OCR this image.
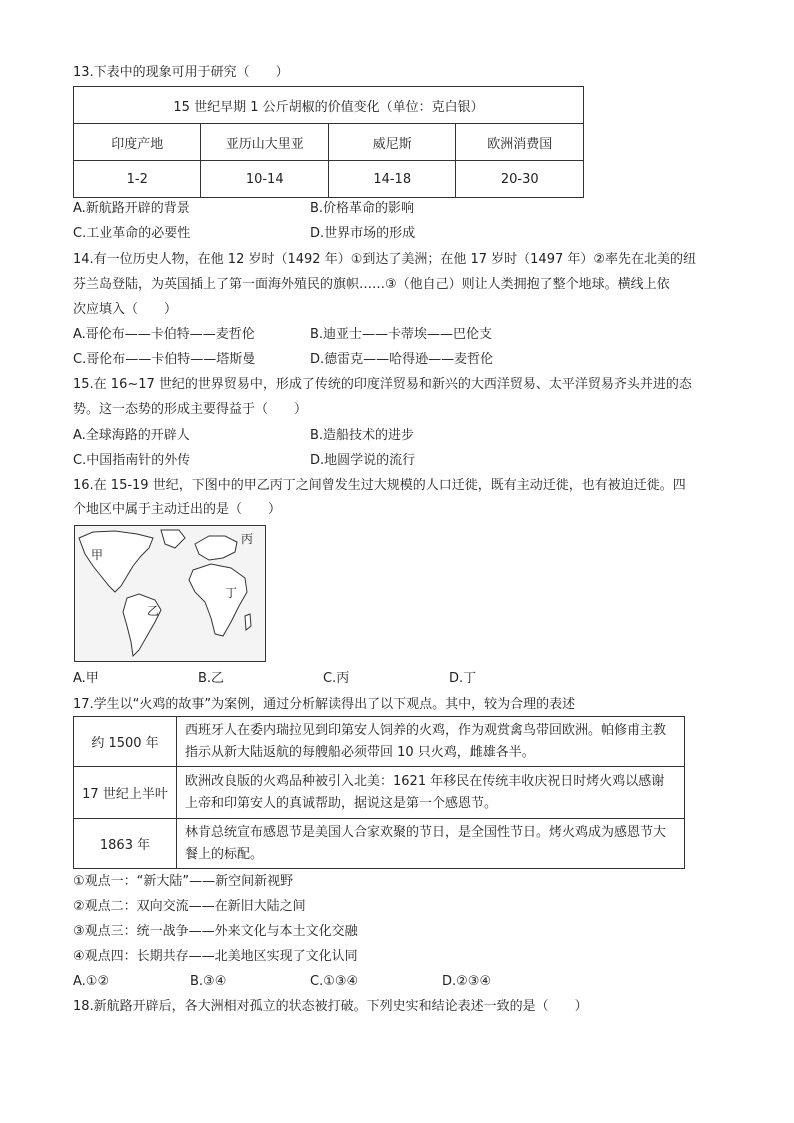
13.下表中的现象可用于研究（　　）
15 世纪早期 1 公斤胡椒的价值变化（单位：克白银）			
印度产地	亚历山大里亚	威尼斯	欧洲消费国
1-2	10-14	14-18	20-30
A.新航路开辟的背景	B.价格革命的影响
C.工业革命的必要性	D.世界市场的形成
14.有一位历史人物，在他 12 岁时（1492 年）①到达了美洲；在他 17 岁时（1497 年）②率先在北美的纽
芬兰岛登陆，为英国插上了第一面海外殖民的旗帜……③（他自己）则让人类拥抱了整个地球。横线上依
次应填入（　　）
A.哥伦布——卡伯特——麦哲伦	B.迪亚士——卡蒂埃——巴伦支
C.哥伦布——卡伯特——塔斯曼	D.德雷克——哈得逊——麦哲伦
15.在 16~17 世纪的世界贸易中，形成了传统的印度洋贸易和新兴的大西洋贸易、太平洋贸易齐头并进的态
势。这一态势的形成主要得益于（　　）
A.全球海路的开辟人	B.造船技术的进步
C.中国指南针的外传	D.地圆学说的流行
16.在 15-19 世纪，下图中的甲乙丙丁之间曾发生过大规模的人口迁徙，既有主动迁徙，也有被迫迁徙。四
个地区中属于主动迁出的是（　　）
甲
乙
丙
丁
A.甲	B.乙	C.丙	D.丁
17.学生以“火鸡的故事”为案例，通过分析解读得出了以下观点。其中，较为合理的表述
约 1500 年	西班牙人在委内瑞拉见到印第安人饲养的火鸡，作为观赏禽鸟带回欧洲。帕修甫主教指示从新大陆返航的每艘船必须带回 10 只火鸡，雌雄各半。
17 世纪上半叶	欧洲改良版的火鸡品种被引入北美：1621 年移民在传统丰收庆祝日时烤火鸡以感谢上帝和印第安人的真诚帮助，据说这是第一个感恩节。
1863 年	林肯总统宣布感恩节是美国人合家欢聚的节日，是全国性节日。烤火鸡成为感恩节大餐上的标配。
①观点一：“新大陆”——新空间新视野
②观点二：双向交流——在新旧大陆之间
③观点三：统一战争——外来文化与本土文化交融
④观点四：长期共存——北美地区实现了文化认同
A.①②	B.③④	C.①③④	D.②③④
18.新航路开辟后，各大洲相对孤立的状态被打破。下列史实和结论表述一致的是（　　）
